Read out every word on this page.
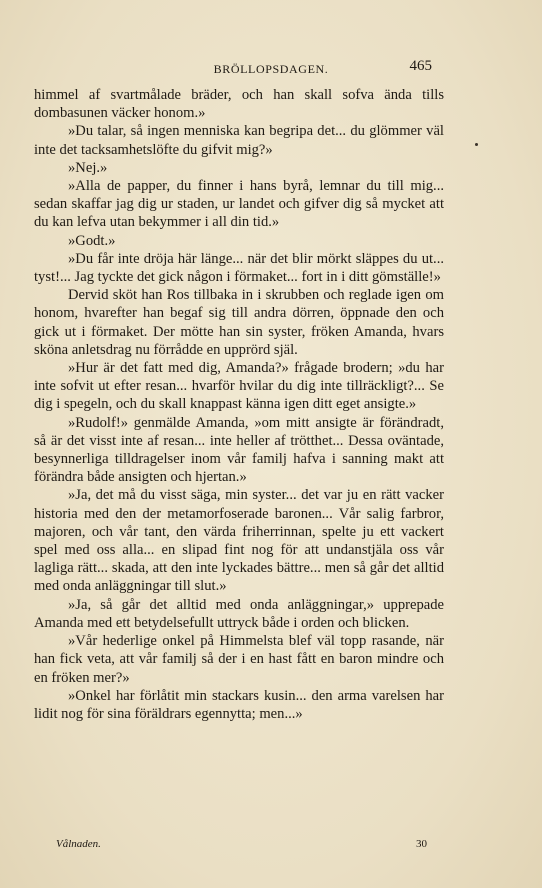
BRÖLLOPSDAGEN.	465

himmel af svartmålade bräder, och han skall sofva ända tills dombasunen väcker honom.»

»Du talar, så ingen menniska kan begripa det... du glömmer väl inte det tacksamhetslöfte du gifvit mig?»

»Nej.»

»Alla de papper, du finner i hans byrå, lemnar du till mig... sedan skaffar jag dig ur staden, ur landet och gifver dig så mycket att du kan lefva utan bekymmer i all din tid.»

»Godt.»

»Du får inte dröja här länge... när det blir mörkt släppes du ut... tyst!... Jag tyckte det gick någon i förmaket... fort in i ditt gömställe!»

Dervid sköt han Ros tillbaka in i skrubben och reglade igen om honom, hvarefter han begaf sig till andra dörren, öppnade den och gick ut i förmaket. Der mötte han sin syster, fröken Amanda, hvars sköna anletsdrag nu förrådde en upprörd själ.

»Hur är det fatt med dig, Amanda?» frågade brodern; »du har inte sofvit ut efter resan... hvarför hvilar du dig inte tillräckligt?... Se dig i spegeln, och du skall knappast känna igen ditt eget ansigte.»

»Rudolf!» genmälde Amanda, »om mitt ansigte är förändradt, så är det visst inte af resan... inte heller af trötthet... Dessa oväntade, besynnerliga tilldragelser inom vår familj hafva i sanning makt att förändra både ansigten och hjertan.»

»Ja, det må du visst säga, min syster... det var ju en rätt vacker historia med den der metamorfoserade baronen... Vår salig farbror, majoren, och vår tant, den värda friherrinnan, spelte ju ett vackert spel med oss alla... en slipad fint nog för att undanstjäla oss vår lagliga rätt... skada, att den inte lyckades bättre... men så går det alltid med onda anläggningar till slut.»

»Ja, så går det alltid med onda anläggningar,» upprepade Amanda med ett betydelsefullt uttryck både i orden och blicken.

»Vår hederlige onkel på Himmelsta blef väl topp rasande, när han fick veta, att vår familj så der i en hast fått en baron mindre och en fröken mer?»

»Onkel har förlåtit min stackars kusin... den arma varelsen har lidit nog för sina föräldrars egennytta; men...»

Vålnaden.	30
